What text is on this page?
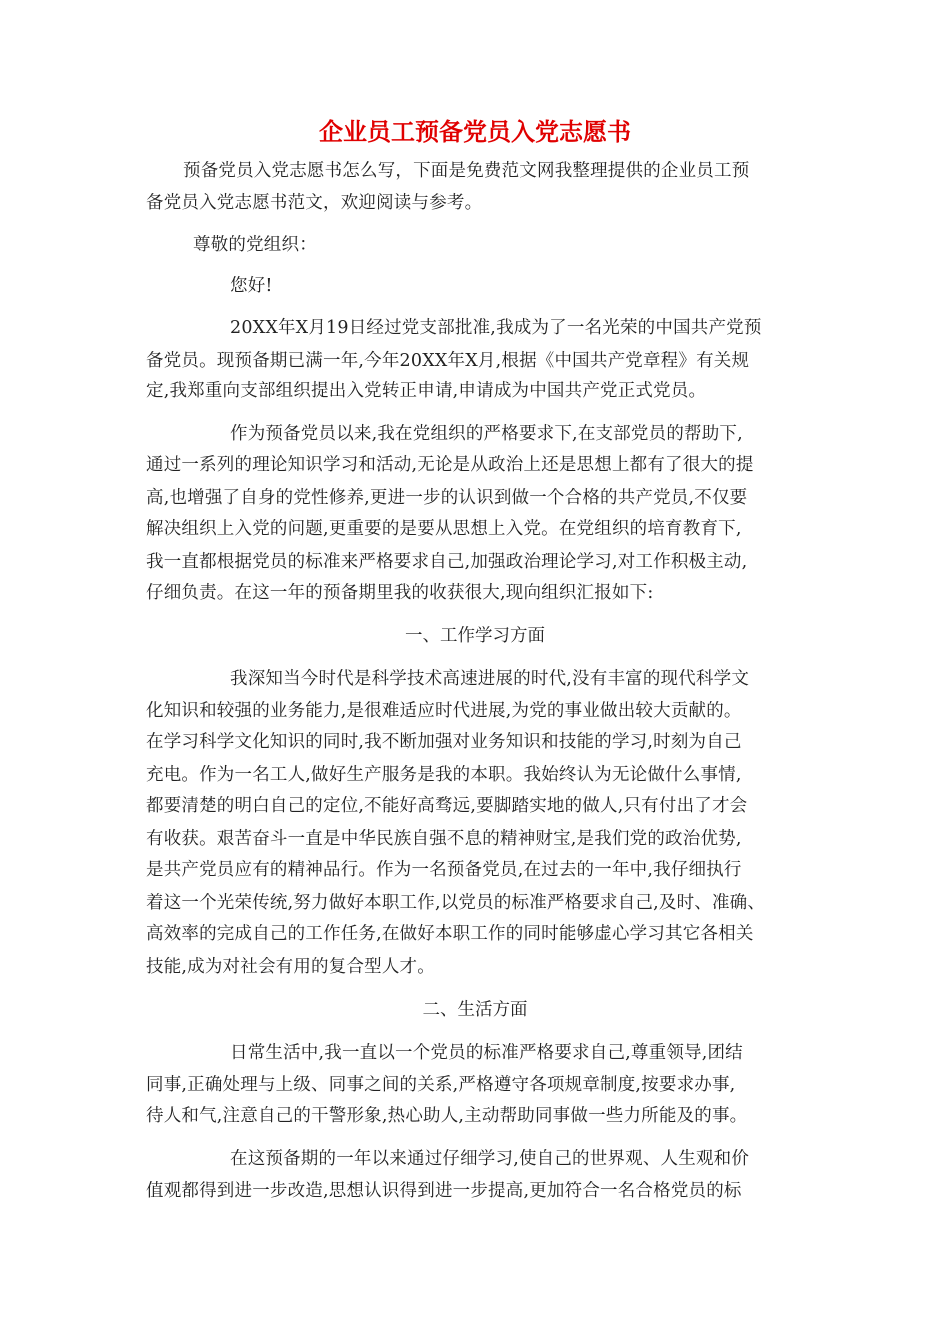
企业员工预备党员入党志愿书
预备党员入党志愿书怎么写，下面是免费范文网我整理提供的企业员工预
备党员入党志愿书范文，欢迎阅读与参考。
尊敬的党组织：
您好!
20XX年X月19日经过党支部批准,我成为了一名光荣的中国共产党预
备党员。现预备期已满一年,今年20XX年X月,根据《中国共产党章程》有关规
定,我郑重向支部组织提出入党转正申请,申请成为中国共产党正式党员。
作为预备党员以来,我在党组织的严格要求下,在支部党员的帮助下,
通过一系列的理论知识学习和活动,无论是从政治上还是思想上都有了很大的提
高,也增强了自身的党性修养,更进一步的认识到做一个合格的共产党员,不仅要
解决组织上入党的问题,更重要的是要从思想上入党。在党组织的培育教育下,
我一直都根据党员的标准来严格要求自己,加强政治理论学习,对工作积极主动,
仔细负责。在这一年的预备期里我的收获很大,现向组织汇报如下:
一、工作学习方面
我深知当今时代是科学技术高速进展的时代,没有丰富的现代科学文
化知识和较强的业务能力,是很难适应时代进展,为党的事业做出较大贡献的。
在学习科学文化知识的同时,我不断加强对业务知识和技能的学习,时刻为自己
充电。作为一名工人,做好生产服务是我的本职。我始终认为无论做什么事情,
都要清楚的明白自己的定位,不能好高骛远,要脚踏实地的做人,只有付出了才会
有收获。艰苦奋斗一直是中华民族自强不息的精神财宝,是我们党的政治优势,
是共产党员应有的精神品行。作为一名预备党员,在过去的一年中,我仔细执行
着这一个光荣传统,努力做好本职工作,以党员的标准严格要求自己,及时、准确、
高效率的完成自己的工作任务,在做好本职工作的同时能够虚心学习其它各相关
技能,成为对社会有用的复合型人才。
二、生活方面
日常生活中,我一直以一个党员的标准严格要求自己,尊重领导,团结
同事,正确处理与上级、同事之间的关系,严格遵守各项规章制度,按要求办事,
待人和气,注意自己的干警形象,热心助人,主动帮助同事做一些力所能及的事。
在这预备期的一年以来通过仔细学习,使自己的世界观、人生观和价
值观都得到进一步改造,思想认识得到进一步提高,更加符合一名合格党员的标
